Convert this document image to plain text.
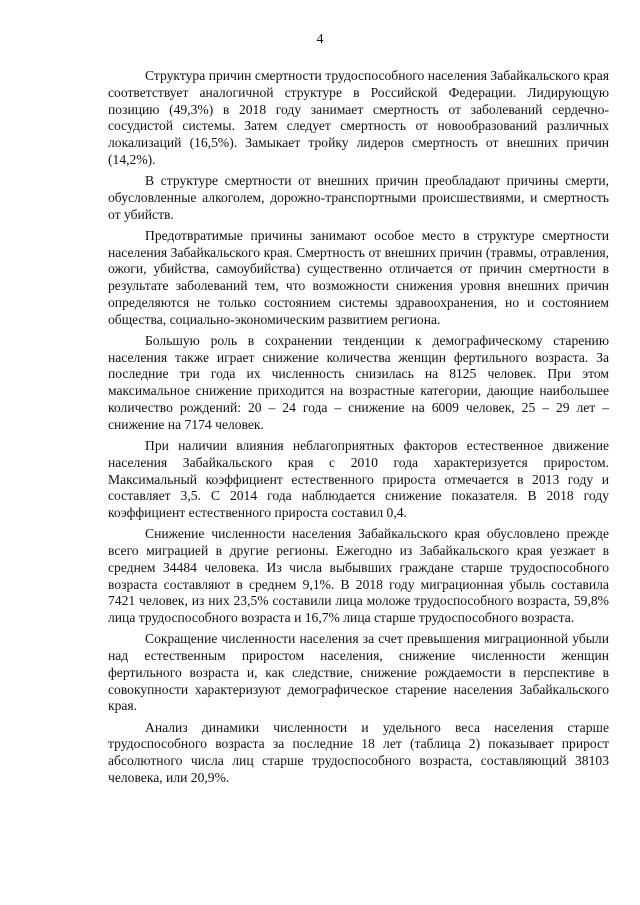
4

Структура причин смертности трудоспособного населения Забайкальского края соответствует аналогичной структуре в Российской Федерации. Лидирующую позицию (49,3%) в 2018 году занимает смертность от заболеваний сердечно-сосудистой системы. Затем следует смертность от новообразований различных локализаций (16,5%). Замыкает тройку лидеров смертность от внешних причин (14,2%).

В структуре смертности от внешних причин преобладают причины смерти, обусловленные алкоголем, дорожно-транспортными происшествиями, и смертность от убийств.

Предотвратимые причины занимают особое место в структуре смертности населения Забайкальского края. Смертность от внешних причин (травмы, отравления, ожоги, убийства, самоубийства) существенно отличается от причин смертности в результате заболеваний тем, что возможности снижения уровня внешних причин определяются не только состоянием системы здравоохранения, но и состоянием общества, социально-экономическим развитием региона.

Большую роль в сохранении тенденции к демографическому старению населения также играет снижение количества женщин фертильного возраста. За последние три года их численность снизилась на 8125 человек. При этом максимальное снижение приходится на возрастные категории, дающие наибольшее количество рождений: 20 – 24 года – снижение на 6009 человек, 25 – 29 лет – снижение на 7174 человек.

При наличии влияния неблагоприятных факторов естественное движение населения Забайкальского края с 2010 года характеризуется приростом. Максимальный коэффициент естественного прироста отмечается в 2013 году и составляет 3,5. С 2014 года наблюдается снижение показателя. В 2018 году коэффициент естественного прироста составил 0,4.

Снижение численности населения Забайкальского края обусловлено прежде всего миграцией в другие регионы. Ежегодно из Забайкальского края уезжает в среднем 34484 человека. Из числа выбывших граждане старше трудоспособного возраста составляют в среднем 9,1%. В 2018 году миграционная убыль составила 7421 человек, из них 23,5% составили лица моложе трудоспособного возраста, 59,8% лица трудоспособного возраста и 16,7% лица старше трудоспособного возраста.

Сокращение численности населения за счет превышения миграционной убыли над естественным приростом населения, снижение численности женщин фертильного возраста и, как следствие, снижение рождаемости в перспективе в совокупности характеризуют демографическое старение населения Забайкальского края.

Анализ динамики численности и удельного веса населения старше трудоспособного возраста за последние 18 лет (таблица 2) показывает прирост абсолютного числа лиц старше трудоспособного возраста, составляющий 38103 человека, или 20,9%.
